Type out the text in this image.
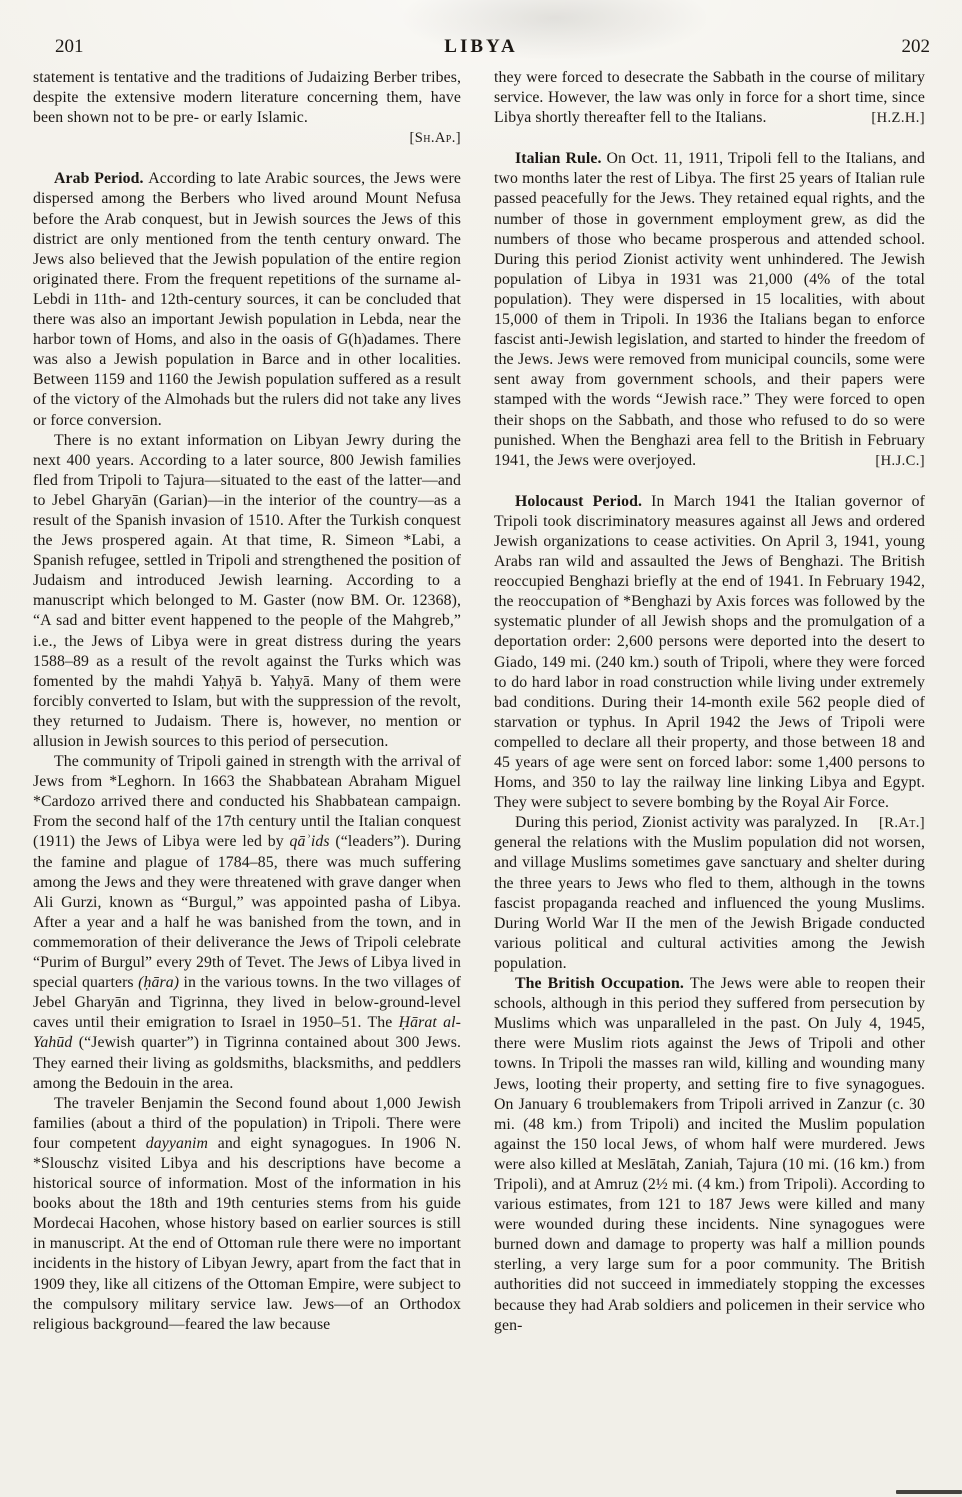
201	LIBYA	202

statement is tentative and the traditions of Judaizing Berber tribes, despite the extensive modern literature concerning them, have been shown not to be pre- or early Islamic.
[Sh.Ap.]

Arab Period. According to late Arabic sources, the Jews were dispersed among the Berbers who lived around Mount Nefusa before the Arab conquest, but in Jewish sources the Jews of this district are only mentioned from the tenth century onward. The Jews also believed that the Jewish population of the entire region originated there. From the frequent repetitions of the surname al-Lebdi in 11th- and 12th-century sources, it can be concluded that there was also an important Jewish population in Lebda, near the harbor town of Homs, and also in the oasis of G(h)adames. There was also a Jewish population in Barce and in other localities. Between 1159 and 1160 the Jewish population suffered as a result of the victory of the Almohads but the rulers did not take any lives or force conversion.

There is no extant information on Libyan Jewry during the next 400 years. According to a later source, 800 Jewish families fled from Tripoli to Tajura—situated to the east of the latter—and to Jebel Gharyān (Garian)—in the interior of the country—as a result of the Spanish invasion of 1510. After the Turkish conquest the Jews prospered again. At that time, R. Simeon *Labi, a Spanish refugee, settled in Tripoli and strengthened the position of Judaism and introduced Jewish learning. According to a manuscript which belonged to M. Gaster (now BM. Or. 12368), “A sad and bitter event happened to the people of the Mahgreb,” i.e., the Jews of Libya were in great distress during the years 1588–89 as a result of the revolt against the Turks which was fomented by the mahdi Yaḥyā b. Yaḥyā. Many of them were forcibly converted to Islam, but with the suppression of the revolt, they returned to Judaism. There is, however, no mention or allusion in Jewish sources to this period of persecution.

The community of Tripoli gained in strength with the arrival of Jews from *Leghorn. In 1663 the Shabbatean Abraham Miguel *Cardozo arrived there and conducted his Shabbatean campaign. From the second half of the 17th century until the Italian conquest (1911) the Jews of Libya were led by qāʾids (“leaders”). During the famine and plague of 1784–85, there was much suffering among the Jews and they were threatened with grave danger when Ali Gurzi, known as “Burgul,” was appointed pasha of Libya. After a year and a half he was banished from the town, and in commemoration of their deliverance the Jews of Tripoli celebrate “Purim of Burgul” every 29th of Tevet. The Jews of Libya lived in special quarters (ḥāra) in the various towns. In the two villages of Jebel Gharyān and Tigrinna, they lived in below-ground-level caves until their emigration to Israel in 1950–51. The Ḥārat al-Yahūd (“Jewish quarter”) in Tigrinna contained about 300 Jews. They earned their living as goldsmiths, blacksmiths, and peddlers among the Bedouin in the area.

The traveler Benjamin the Second found about 1,000 Jewish families (about a third of the population) in Tripoli. There were four competent dayyanim and eight synagogues. In 1906 N. *Slouschz visited Libya and his descriptions have become a historical source of information. Most of the information in his books about the 18th and 19th centuries stems from his guide Mordecai Hacohen, whose history based on earlier sources is still in manuscript. At the end of Ottoman rule there were no important incidents in the history of Libyan Jewry, apart from the fact that in 1909 they, like all citizens of the Ottoman Empire, were subject to the compulsory military service law. Jews—of an Orthodox religious background—feared the law because

they were forced to desecrate the Sabbath in the course of military service. However, the law was only in force for a short time, since Libya shortly thereafter fell to the Italians.	[H.Z.H.]

Italian Rule. On Oct. 11, 1911, Tripoli fell to the Italians, and two months later the rest of Libya. The first 25 years of Italian rule passed peacefully for the Jews. They retained equal rights, and the number of those in government employment grew, as did the numbers of those who became prosperous and attended school. During this period Zionist activity went unhindered. The Jewish population of Libya in 1931 was 21,000 (4% of the total population). They were dispersed in 15 localities, with about 15,000 of them in Tripoli. In 1936 the Italians began to enforce fascist anti-Jewish legislation, and started to hinder the freedom of the Jews. Jews were removed from municipal councils, some were sent away from government schools, and their papers were stamped with the words “Jewish race.” They were forced to open their shops on the Sabbath, and those who refused to do so were punished. When the Benghazi area fell to the British in February 1941, the Jews were overjoyed.	[H.J.C.]

Holocaust Period. In March 1941 the Italian governor of Tripoli took discriminatory measures against all Jews and ordered Jewish organizations to cease activities. On April 3, 1941, young Arabs ran wild and assaulted the Jews of Benghazi. The British reoccupied Benghazi briefly at the end of 1941. In February 1942, the reoccupation of *Benghazi by Axis forces was followed by the systematic plunder of all Jewish shops and the promulgation of a deportation order: 2,600 persons were deported into the desert to Giado, 149 mi. (240 km.) south of Tripoli, where they were forced to do hard labor in road construction while living under extremely bad conditions. During their 14-month exile 562 people died of starvation or typhus. In April 1942 the Jews of Tripoli were compelled to declare all their property, and those between 18 and 45 years of age were sent on forced labor: some 1,400 persons to Homs, and 350 to lay the railway line linking Libya and Egypt. They were subject to severe bombing by the Royal Air Force.
[R.At.]

During this period, Zionist activity was paralyzed. In general the relations with the Muslim population did not worsen, and village Muslims sometimes gave sanctuary and shelter during the three years to Jews who fled to them, although in the towns fascist propaganda reached and influenced the young Muslims. During World War II the men of the Jewish Brigade conducted various political and cultural activities among the Jewish population.

The British Occupation. The Jews were able to reopen their schools, although in this period they suffered from persecution by Muslims which was unparalleled in the past. On July 4, 1945, there were Muslim riots against the Jews of Tripoli and other towns. In Tripoli the masses ran wild, killing and wounding many Jews, looting their property, and setting fire to five synagogues. On January 6 troublemakers from Tripoli arrived in Zanzur (c. 30 mi. (48 km.) from Tripoli) and incited the Muslim population against the 150 local Jews, of whom half were murdered. Jews were also killed at Meslātah, Zaniah, Tajura (10 mi. (16 km.) from Tripoli), and at Amruz (2½ mi. (4 km.) from Tripoli). According to various estimates, from 121 to 187 Jews were killed and many were wounded during these incidents. Nine synagogues were burned down and damage to property was half a million pounds sterling, a very large sum for a poor community. The British authorities did not succeed in immediately stopping the excesses because they had Arab soldiers and policemen in their service who gen-
